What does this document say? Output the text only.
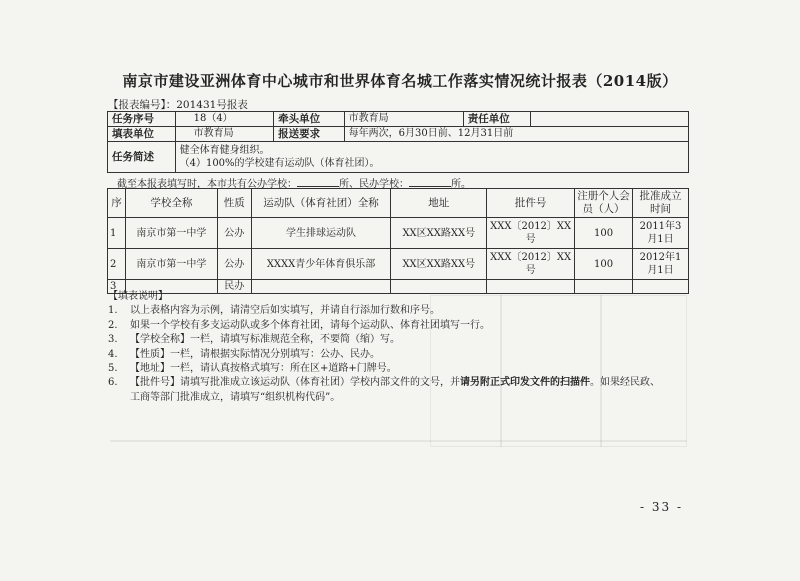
南京市建设亚洲体育中心城市和世界体育名城工作落实情况统计报表（2014版）
【报表编号】：201431号报表
任务序号	18（4）	牵头单位	市教育局	责任单位	
填表单位	市教育局	报送要求	每年两次，6月30日前、12月31日前		
任务简述	健全体育健身组织。
（4）100%的学校建有运动队（体育社团）。				
截至本报表填写时，本市共有公办学校：	所、民办学校：	所。
序	学校全称	性质	运动队（体育社团）全称	地址	批件号	注册个人会员（人）	批准成立时间
1	南京市第一中学	公办	学生排球运动队	XX区XX路XX号	XXX〔2012〕XX号	100	2011年3月1日
2	南京市第一中学	公办	XXXX青少年体育俱乐部	XX区XX路XX号	XXX〔2012〕XX号	100	2012年1月1日
3		民办					
【填表说明】
1.	以上表格内容为示例，请清空后如实填写，并请自行添加行数和序号。
2.	如果一个学校有多支运动队或多个体育社团，请每个运动队、体育社团填写一行。
3.	【学校全称】一栏，请填写标准规范全称，不要简（缩）写。
4.	【性质】一栏，请根据实际情况分别填写：公办、民办。
5.	【地址】一栏，请认真按格式填写：所在区+道路+门牌号。
6.	【批件号】请填写批准成立该运动队（体育社团）学校内部文件的文号，并请另附正式印发文件的扫描件。如果经民政、
工商等部门批准成立，请填写“组织机构代码”。
- 33 -
